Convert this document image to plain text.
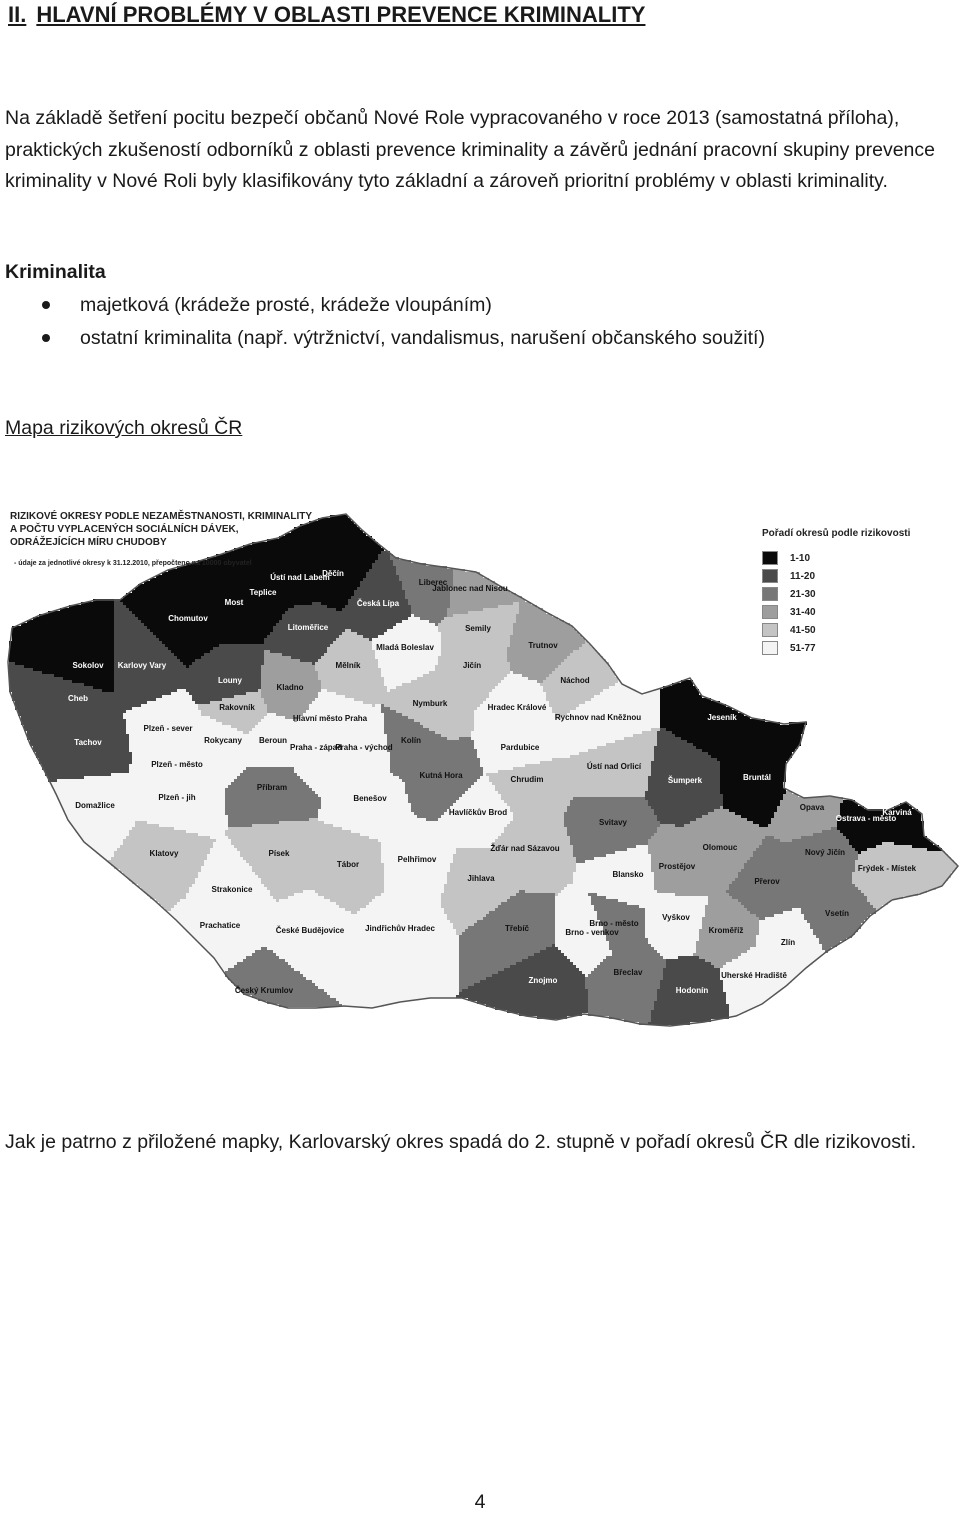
II. HLAVNÍ PROBLÉMY V OBLASTI PREVENCE KRIMINALITY

Na základě šetření pocitu bezpečí občanů Nové Role vypracovaného v roce 2013 (samostatná příloha), praktických zkušeností odborníků z oblasti prevence kriminality a závěrů jednání pracovní skupiny prevence kriminality v Nové Roli byly klasifikovány tyto základní a zároveň prioritní problémy v oblasti kriminality.

Kriminalita

majetková (krádeže prosté, krádeže vloupáním)
ostatní kriminalita (např. výtržnictví, vandalismus, narušení občanského soužití)

Mapa rizikových okresů ČR

Sokolov Karlovy Vary
Cheb
Chomutov
Most
Teplice
Ústí nad Labem
Děčín
Louny
Litoměřice
Česká Lípa
Liberec
Jablonec nad Nisou
Semily
Trutnov
Mělník
Mladá Boleslav
Jičín
Náchod
Kladno
Rakovník
Tachov
Plzeň - sever
Rokycany Beroun
Hlavní město Praha
Praha - západ
Praha - východ
Nymburk
Kolín
Hradec Králové
Pardubice
Rychnov nad Kněžnou
Ústí nad Orlicí
Plzeň - město
Plzeň - jih
Domažlice
Příbram
Benešov
Kutná Hora	Chrudim
Havlíčkův Brod
Svitavy
Šumperk
Jeseník
Bruntál
Opava
Ostrava - město
Karviná
Klatovy	Písek
Tábor
Pelhřimov
Žďár nad Sázavou
Blansko
Olomouc
Nový Jičín
Frýdek - Místek
Strakonice
Jihlava
Prostějov
Přerov
Vsetín
Prachatice
České Budějovice	Jindřichův Hradec	Třebíč	Brno - venkov
Brno - město
Vyškov
Kroměříž
Zlín
Český Krumlov
Znojmo
Břeclav
Hodonín
Uherské Hradiště
RIZIKOVÉ OKRESY PODLE NEZAMĚSTNANOSTI, KRIMINALITY
A POČTU VYPLACENÝCH SOCIÁLNÍCH DÁVEK,
ODRÁŽEJÍCÍCH MÍRU CHUDOBY
- údaje za jednotlivé okresy k 31.12.2010, přepočteno na 10000 obyvatel
Pořadí okresů podle rizikovosti
1-10
11-20
21-30
31-40
41-50
51-77

Jak je patrno z přiložené mapky, Karlovarský okres spadá do 2. stupně v pořadí okresů ČR dle rizikovosti.

4
